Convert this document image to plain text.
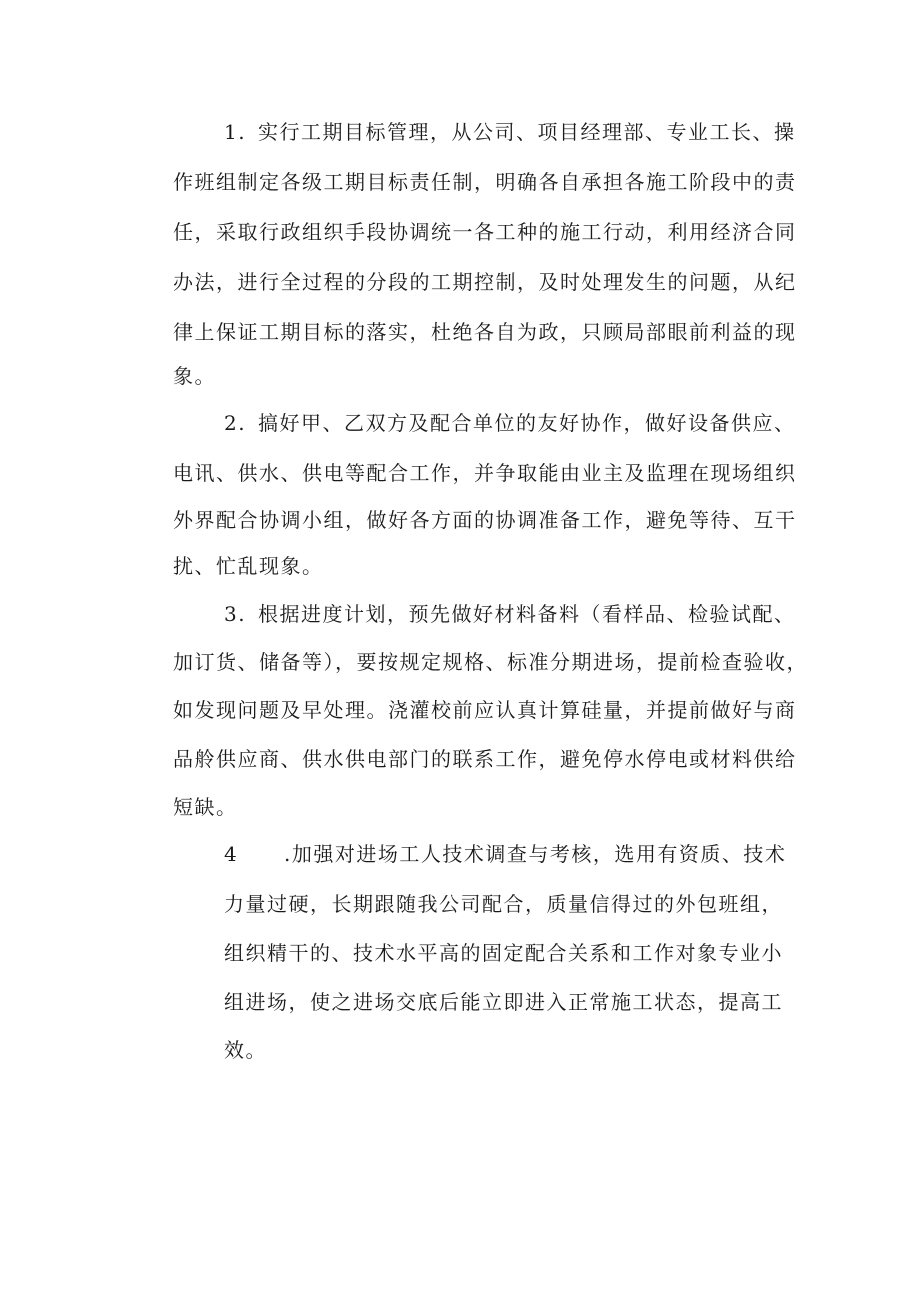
1. 实行工期目标管理，从公司、项目经理部、专业工长、操
作班组制定各级工期目标责任制，明确各自承担各施工阶段中的责
任，采取行政组织手段协调统一各工种的施工行动，利用经济合同
办法，进行全过程的分段的工期控制，及时处理发生的问题，从纪
律上保证工期目标的落实，杜绝各自为政，只顾局部眼前利益的现
象。
2. 搞好甲、乙双方及配合单位的友好协作，做好设备供应、
电讯、供水、供电等配合工作，并争取能由业主及监理在现场组织
外界配合协调小组，做好各方面的协调准备工作，避免等待、互干
扰、忙乱现象。
3. 根据进度计划，预先做好材料备料（看样品、检验试配、
加订货、储备等），要按规定规格、标准分期进场，提前检查验收，
如发现问题及早处理。浇灌校前应认真计算硅量，并提前做好与商
品舲供应商、供水供电部门的联系工作，避免停水停电或材料供给
短缺。
4 .加强对进场工人技术调查与考核，选用有资质、技术
力量过硬，长期跟随我公司配合，质量信得过的外包班组，
组织精干的、技术水平高的固定配合关系和工作对象专业小
组进场，使之进场交底后能立即进入正常施工状态，提高工
效。
